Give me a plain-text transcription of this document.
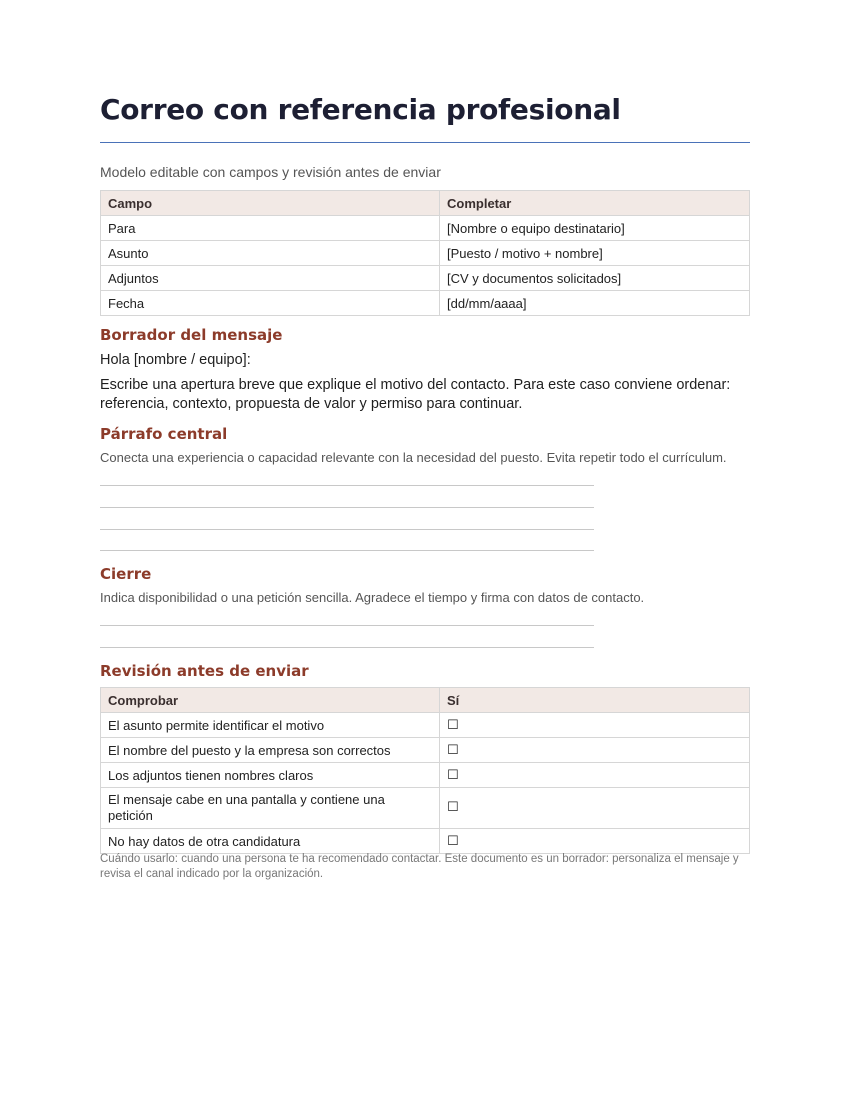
Correo con referencia profesional
Modelo editable con campos y revisión antes de enviar
Campo	Completar
Para	[Nombre o equipo destinatario]
Asunto	[Puesto / motivo + nombre]
Adjuntos	[CV y documentos solicitados]
Fecha	[dd/mm/aaaa]
Borrador del mensaje
Hola [nombre / equipo]:
Escribe una apertura breve que explique el motivo del contacto. Para este caso conviene ordenar: referencia, contexto, propuesta de valor y permiso para continuar.
Párrafo central
Conecta una experiencia o capacidad relevante con la necesidad del puesto. Evita repetir todo el currículum.
Cierre
Indica disponibilidad o una petición sencilla. Agradece el tiempo y firma con datos de contacto.
Revisión antes de enviar
Comprobar	Sí
El asunto permite identificar el motivo	☐
El nombre del puesto y la empresa son correctos	☐
Los adjuntos tienen nombres claros	☐
El mensaje cabe en una pantalla y contiene una petición	☐
No hay datos de otra candidatura	☐
Cuándo usarlo: cuando una persona te ha recomendado contactar. Este documento es un borrador: personaliza el mensaje y revisa el canal indicado por la organización.
